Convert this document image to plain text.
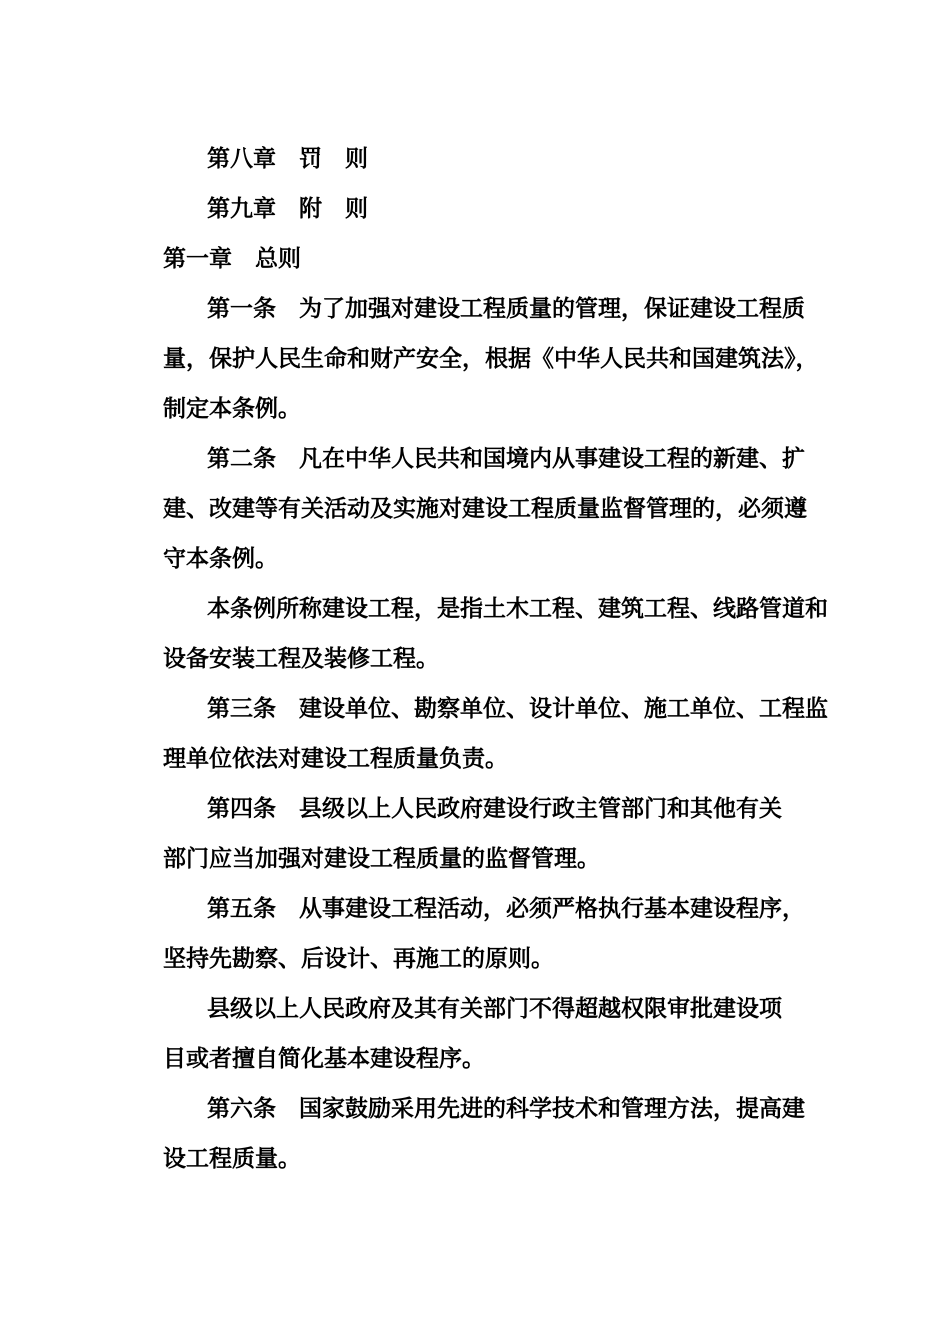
第八章　罚　则
第九章　附　则
第一章　总则
第一条　为了加强对建设工程质量的管理，保证建设工程质
量，保护人民生命和财产安全，根据《中华人民共和国建筑法》，
制定本条例。
第二条　凡在中华人民共和国境内从事建设工程的新建、扩
建、改建等有关活动及实施对建设工程质量监督管理的，必须遵
守本条例。
本条例所称建设工程，是指土木工程、建筑工程、线路管道和
设备安装工程及装修工程。
第三条　建设单位、勘察单位、设计单位、施工单位、工程监
理单位依法对建设工程质量负责。
第四条　县级以上人民政府建设行政主管部门和其他有关
部门应当加强对建设工程质量的监督管理。
第五条　从事建设工程活动，必须严格执行基本建设程序，
坚持先勘察、后设计、再施工的原则。
县级以上人民政府及其有关部门不得超越权限审批建设项
目或者擅自简化基本建设程序。
第六条　国家鼓励采用先进的科学技术和管理方法，提高建
设工程质量。
